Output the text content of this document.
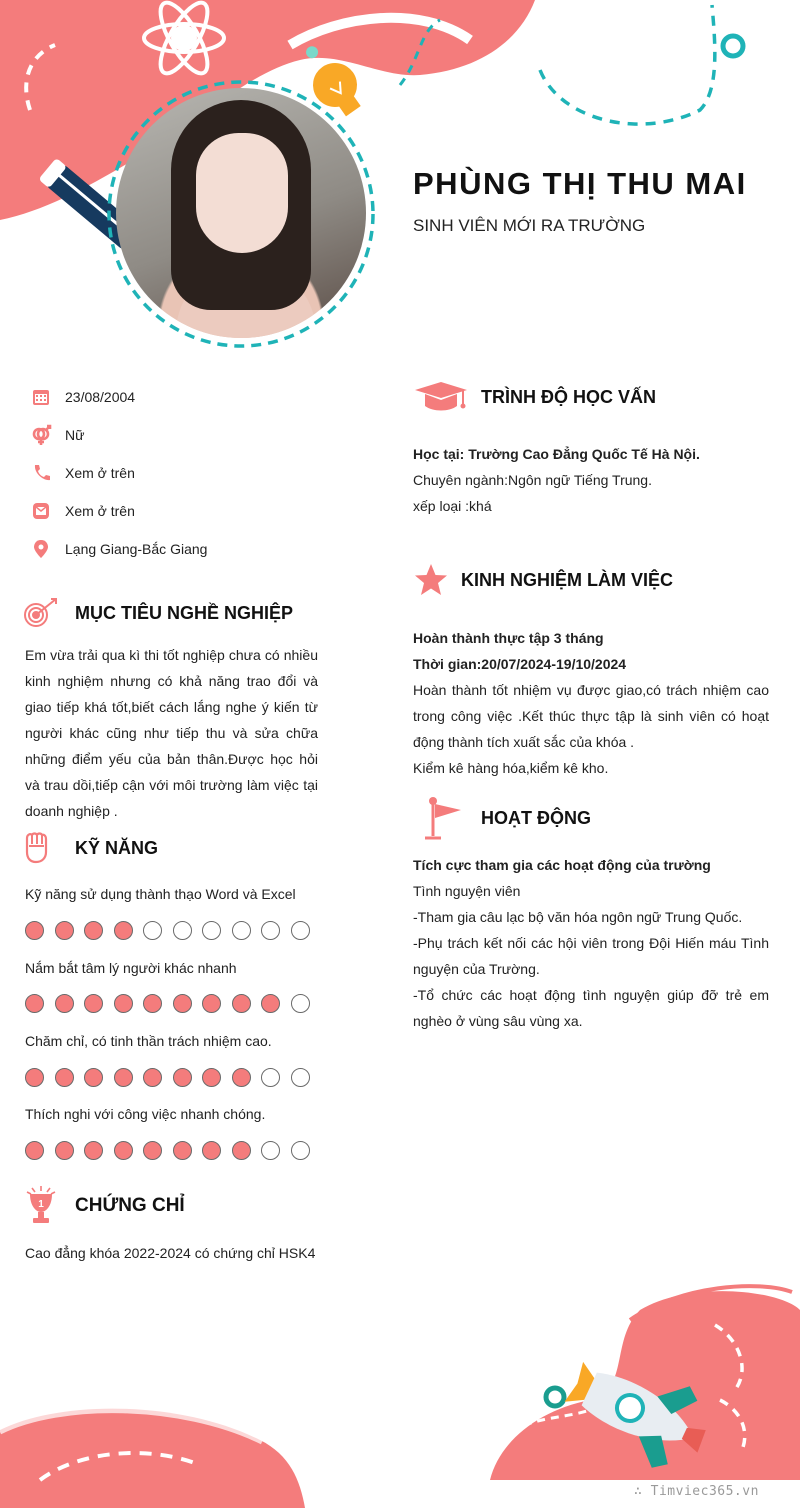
PHÙNG THỊ THU MAI
SINH VIÊN MỚI RA TRƯỜNG
23/08/2004
Nữ
Xem ở trên
Xem ở trên
Lạng Giang-Bắc Giang
MỤC TIÊU NGHỀ NGHIỆP
Em vừa trải qua kì thi tốt nghiệp chưa có nhiều kinh nghiệm nhưng có khả năng trao đổi và giao tiếp khá tốt,biết cách lắng nghe ý kiến từ người khác cũng như tiếp thu và sửa chữa những điểm yếu của bản thân.Được học hỏi và trau dồi,tiếp cận với môi trường làm việc tại doanh nghiệp .
KỸ NĂNG
Kỹ năng sử dụng thành thạo Word và Excel
Nắm bắt tâm lý người khác nhanh
Chăm chỉ, có tinh thần trách nhiệm cao.
Thích nghi với công việc nhanh chóng.
1 CHỨNG CHỈ
Cao đẳng khóa 2022-2024 có chứng chỉ HSK4
TRÌNH ĐỘ HỌC VẤN

Học tại: Trường Cao Đẳng Quốc Tế Hà Nội.

Chuyên ngành:Ngôn ngữ Tiếng Trung.

xếp loại :khá

KINH NGHIỆM LÀM VIỆC

Hoàn thành thực tập 3 tháng

Thời gian:20/07/2024-19/10/2024

Hoàn thành tốt nhiệm vụ được giao,có trách nhiệm cao trong công việc .Kết thúc thực tập là sinh viên có hoạt động thành tích xuất sắc của khóa .

Kiểm kê hàng hóa,kiểm kê kho.

HOẠT ĐỘNG

Tích cực tham gia các hoạt động của trường

Tình nguyện viên

-Tham gia câu lạc bộ văn hóa ngôn ngữ Trung Quốc.

-Phụ trách kết nối các hội viên trong Đội Hiến máu Tình nguyện của Trường.

-Tổ chức các hoạt động tình nguyện giúp đỡ trẻ em nghèo ở vùng sâu vùng xa.

∴ Timviec365.vn
